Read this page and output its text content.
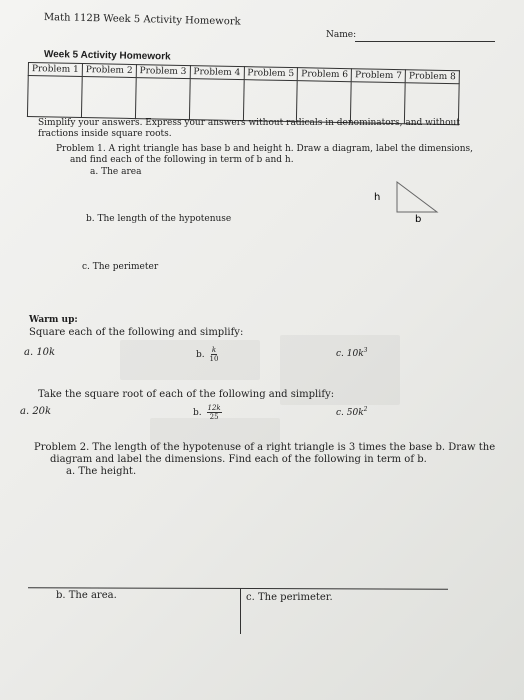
Math 112B Week 5 Activity Homework
Name:
Week 5 Activity Homework
Problem 1	Problem 2	Problem 3	Problem 4	Problem 5	Problem 6	Problem 7	Problem 8

Simplify your answers. Express your answers without radicals in denominators, and without
fractions inside square roots.
Problem 1. A right triangle has base b and height h. Draw a diagram, label the dimensions,
and find each of the following in term of b and h.
a. The area
h
b
b. The length of the hypotenuse
c. The perimeter
Warm up:
Square each of the following and simplify:
a. 10k	b. $\frac{k}{10}$	c. $10k^3$
Take the square root of each of the following and simplify:
a. 20k	b. $\frac{12k}{25}$	c. $50k^2$
Problem 2. The length of the hypotenuse of a right triangle is 3 times the base b. Draw the
diagram and label the dimensions. Find each of the following in term of b.
a. The height.
b. The area.	c. The perimeter.
